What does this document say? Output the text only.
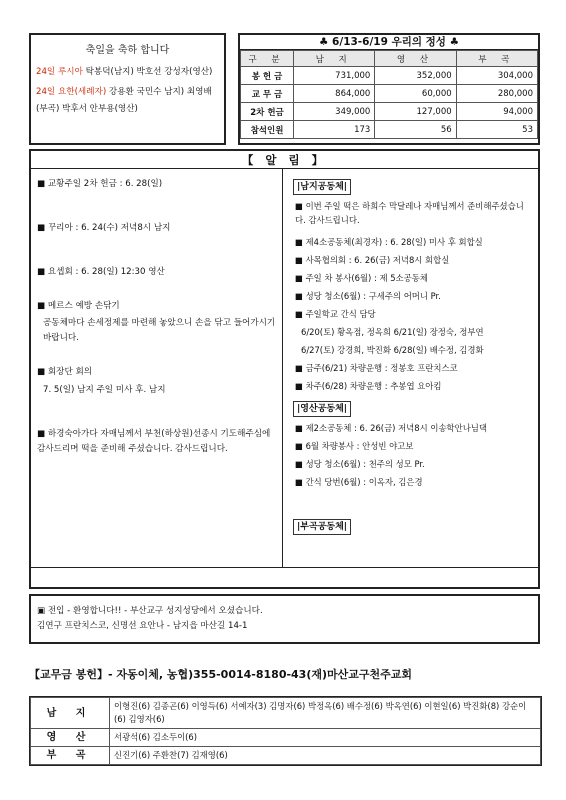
축일을 축하 합니다
24일 루시아 탁봉덕(남지) 박호선 강성자(영산)
24일 요한(세례자) 강용환 국민수 남지) 최영배(부곡) 박후서 안부용(영산)
♣ 6/13-6/19 우리의 정성 ♣
구 분	남 지	영 산	부 곡
봉 헌 금	731,000	352,000	304,000
교 무 금	864,000	60,000	280,000
2차 헌금	349,000	127,000	94,000
참석인원	173	56	53
【 알 림 】
■ 교황주일 2차 헌금 : 6. 28(일)
■ 꾸리아 : 6. 24(수) 저녁8시 남지
■ 요셉회 : 6. 28(일) 12:30 영산
■ 메르스 예방 손닦기
공동체마다 손세정제를 마련해 놓았으니 손을 닦고 들어가시기 바랍니다.
■ 회장단 회의
7. 5(일) 남지 주일 미사 후. 남지
■ 하경숙아가다 자매님께서 부천(하상원)선종시 기도해주심에 감사드리며 떡을 준비해 주셨습니다. 감사드립니다.
|남지공동체|
■ 이번 주일 떡은 하희수 막달레나 자매님께서 준비해주셨습니다. 감사드립니다.
■ 제4소공동체(최경자) : 6. 28(일) 미사 후 회합실
■ 사목협의회 : 6. 26(금) 저녁8시 회합실
■ 주일 차 봉사(6월) : 제 5소공동체
■ 성당 청소(6월) : 구세주의 어머니 Pr.
■ 주일학교 간식 담당
6/20(토) 황옥점, 정옥희 6/21(일) 장정숙, 정부연
6/27(토) 강경희, 박진화 6/28(일) 배수정, 김경화
■ 금주(6/21) 차량운행 : 정봉호 프란치스코
■ 차주(6/28) 차량운행 : 추봉엽 요아킴
|영산공동체|
■ 제2소공동체 : 6. 26(금) 저녁8시 이송학안나님댁
■ 6월 차량봉사 : 안성빈 야고보
■ 성당 청소(6월) : 천주의 성모 Pr.
■ 간식 당번(6월) : 이옥자, 김은경
|부곡공동체|
▣ 전입 - 환영합니다!! - 부산교구 성지성당에서 오셨습니다.
김연구 프란치스코, 신명선 요안나 - 남지읍 마산길 14-1
【교무금 봉헌】- 자동이체, 농협)355-0014-8180-43(재)마산교구천주교회
남 지	이형진(6) 김종곤(6) 이영득(6) 서예자(3) 김명자(6) 박정옥(6) 배수정(6) 박옥연(6) 이현일(6) 박진화(8) 강순이(6) 김영자(6)
영 산	서광석(6) 김소두이(6)
부 곡	신진기(6) 주환찬(7) 김재영(6)
